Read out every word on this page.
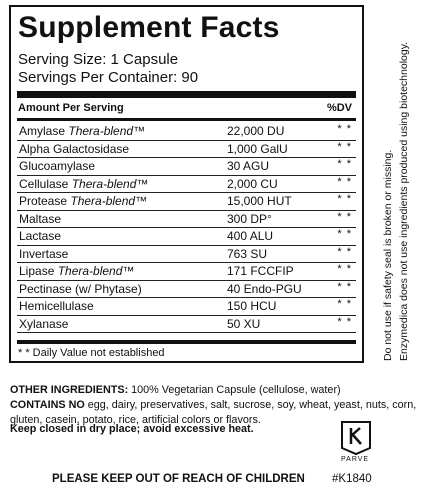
Supplement Facts
Serving Size: 1 Capsule
Servings Per Container: 90
Amount Per Serving	%DV
Amylase Thera-blend™	22,000 DU	* *
Alpha Galactosidase	1,000 GalU	* *
Glucoamylase	30 AGU	* *
Cellulase Thera-blend™	2,000 CU	* *
Protease Thera-blend™	15,000 HUT	* *
Maltase	300 DP°	* *
Lactase	400 ALU	* *
Invertase	763 SU	* *
Lipase Thera-blend™	171 FCCFIP	* *
Pectinase (w/ Phytase)	40 Endo-PGU	* *
Hemicellulase	150 HCU	* *
Xylanase	50 XU	* *
* * Daily Value not established	Do not use if safety seal is broken or missing. Enzymedica does not use ingredients produced using biotechnology.
OTHER INGREDIENTS: 100% Vegetarian Capsule (cellulose, water)
CONTAINS NO egg, dairy, preservatives, salt, sucrose, soy, wheat, yeast, nuts, corn, gluten, casein, potato, rice, artificial colors or flavors.
Keep closed in dry place; avoid excessive heat.
PLEASE KEEP OUT OF REACH OF CHILDREN
PARVE
#K1840
